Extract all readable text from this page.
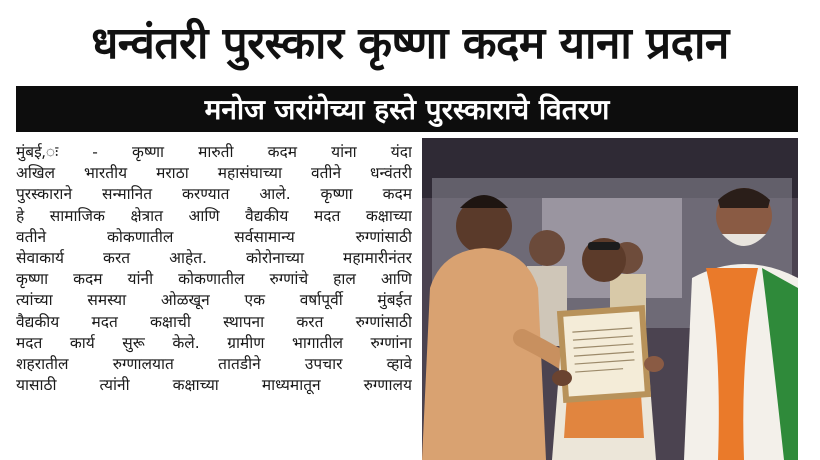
धन्वंतरी पुरस्कार कृष्णा कदम याना प्रदान
मनोज जरांगेच्या हस्ते पुरस्काराचे वितरण

मुंबई,ः - कृष्णा मारुती कदम यांना यंदा
अखिल भारतीय मराठा महासंघाच्या वतीने धन्वंतरी
पुरस्काराने सन्मानित करण्यात आले. कृष्णा कदम
हे सामाजिक क्षेत्रात आणि वैद्यकीय मदत कक्षाच्या
वतीने कोकणातील सर्वसामान्य रुग्णांसाठी
सेवाकार्य करत आहेत. कोरोनाच्या महामारीनंतर
कृष्णा कदम यांनी कोकणातील रुग्णांचे हाल आणि
त्यांच्या समस्या ओळखून एक वर्षापूर्वी मुंबईत
वैद्यकीय मदत कक्षाची स्थापना करत रुग्णांसाठी
मदत कार्य सुरू केले. ग्रामीण भागातील रुग्णांना
शहरातील रुग्णालयात तातडीने उपचार व्हावे
यासाठी त्यांनी कक्षाच्या माध्यमातून रुग्णालय
